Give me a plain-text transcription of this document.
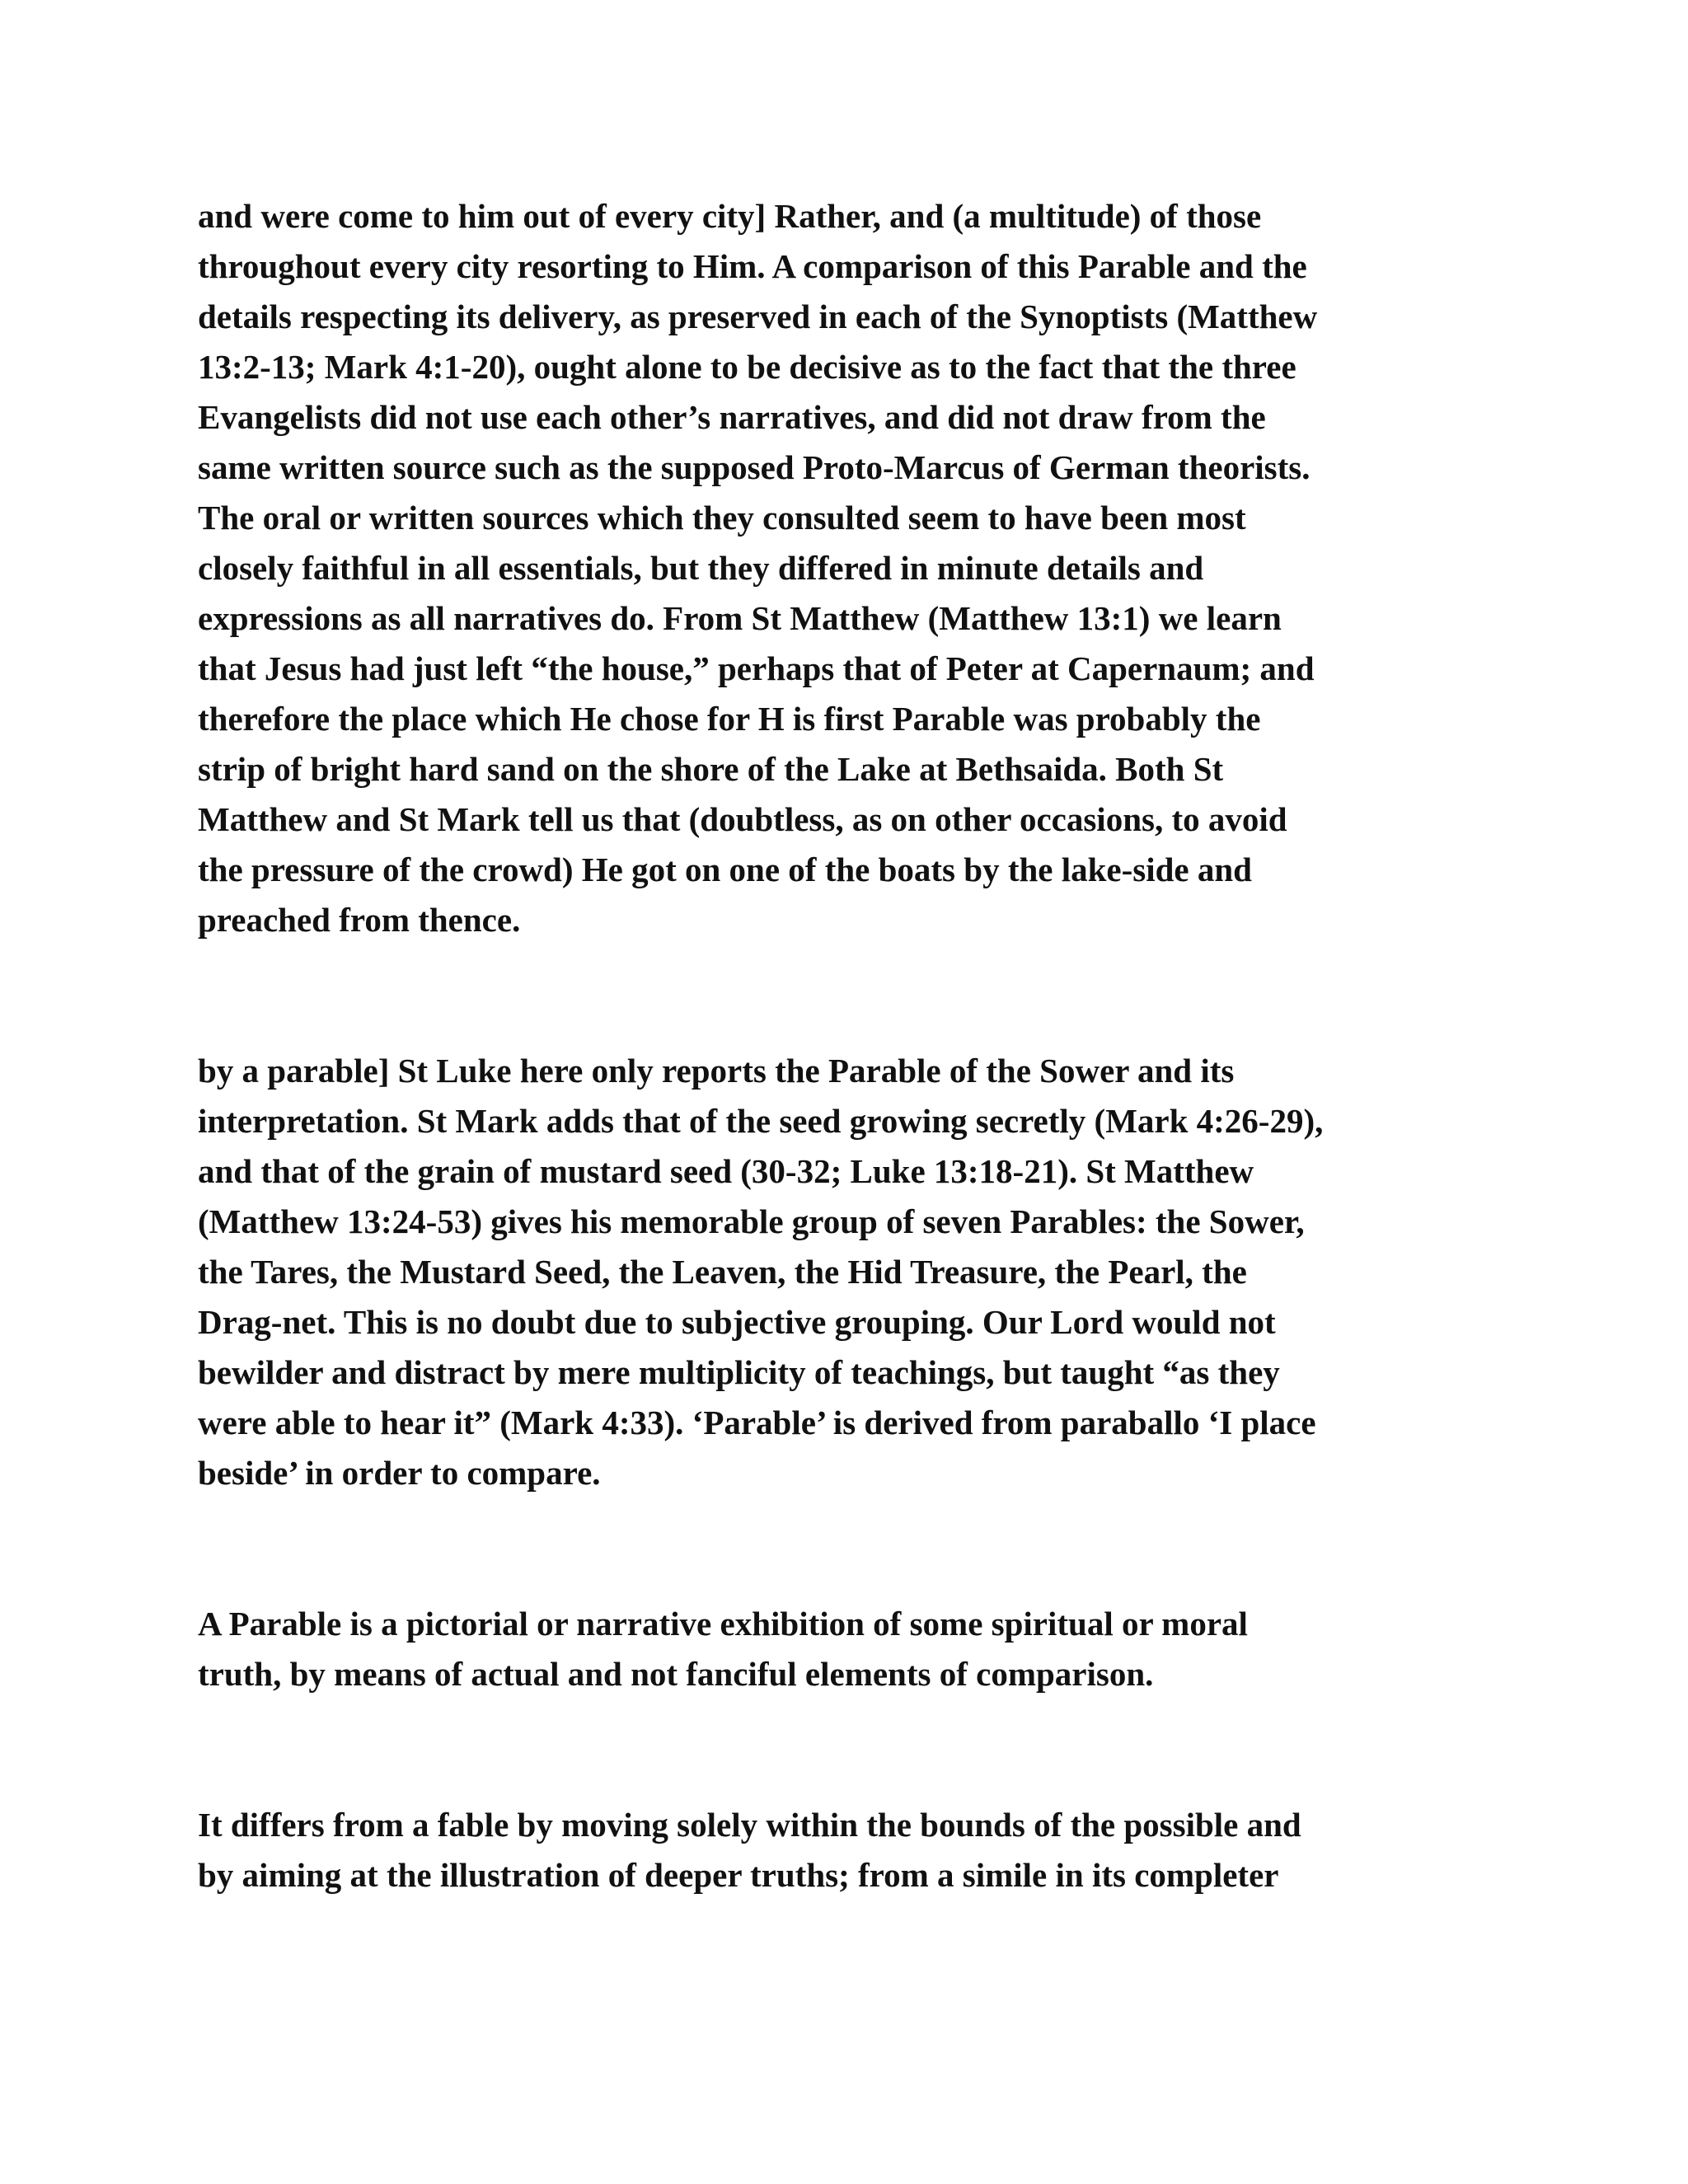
and were come to him out of every city] Rather, and (a multitude) of those
throughout every city resorting to Him. A comparison of this Parable and the
details respecting its delivery, as preserved in each of the Synoptists (Matthew
13:2-13; Mark 4:1-20), ought alone to be decisive as to the fact that the three
Evangelists did not use each other’s narratives, and did not draw from the
same written source such as the supposed Proto-Marcus of German theorists.
The oral or written sources which they consulted seem to have been most
closely faithful in all essentials, but they differed in minute details and
expressions as all narratives do. From St Matthew (Matthew 13:1) we learn
that Jesus had just left “the house,” perhaps that of Peter at Capernaum; and
therefore the place which He chose for H is first Parable was probably the
strip of bright hard sand on the shore of the Lake at Bethsaida. Both St
Matthew and St Mark tell us that (doubtless, as on other occasions, to avoid
the pressure of the crowd) He got on one of the boats by the lake-side and
preached from thence.
by a parable] St Luke here only reports the Parable of the Sower and its
interpretation. St Mark adds that of the seed growing secretly (Mark 4:26-29),
and that of the grain of mustard seed (30-32; Luke 13:18-21). St Matthew
(Matthew 13:24-53) gives his memorable group of seven Parables: the Sower,
the Tares, the Mustard Seed, the Leaven, the Hid Treasure, the Pearl, the
Drag-net. This is no doubt due to subjective grouping. Our Lord would not
bewilder and distract by mere multiplicity of teachings, but taught “as they
were able to hear it” (Mark 4:33). ‘Parable’ is derived from paraballo ‘I place
beside’ in order to compare.
A Parable is a pictorial or narrative exhibition of some spiritual or moral
truth, by means of actual and not fanciful elements of comparison.
It differs from a fable by moving solely within the bounds of the possible and
by aiming at the illustration of deeper truths; from a simile in its completer
